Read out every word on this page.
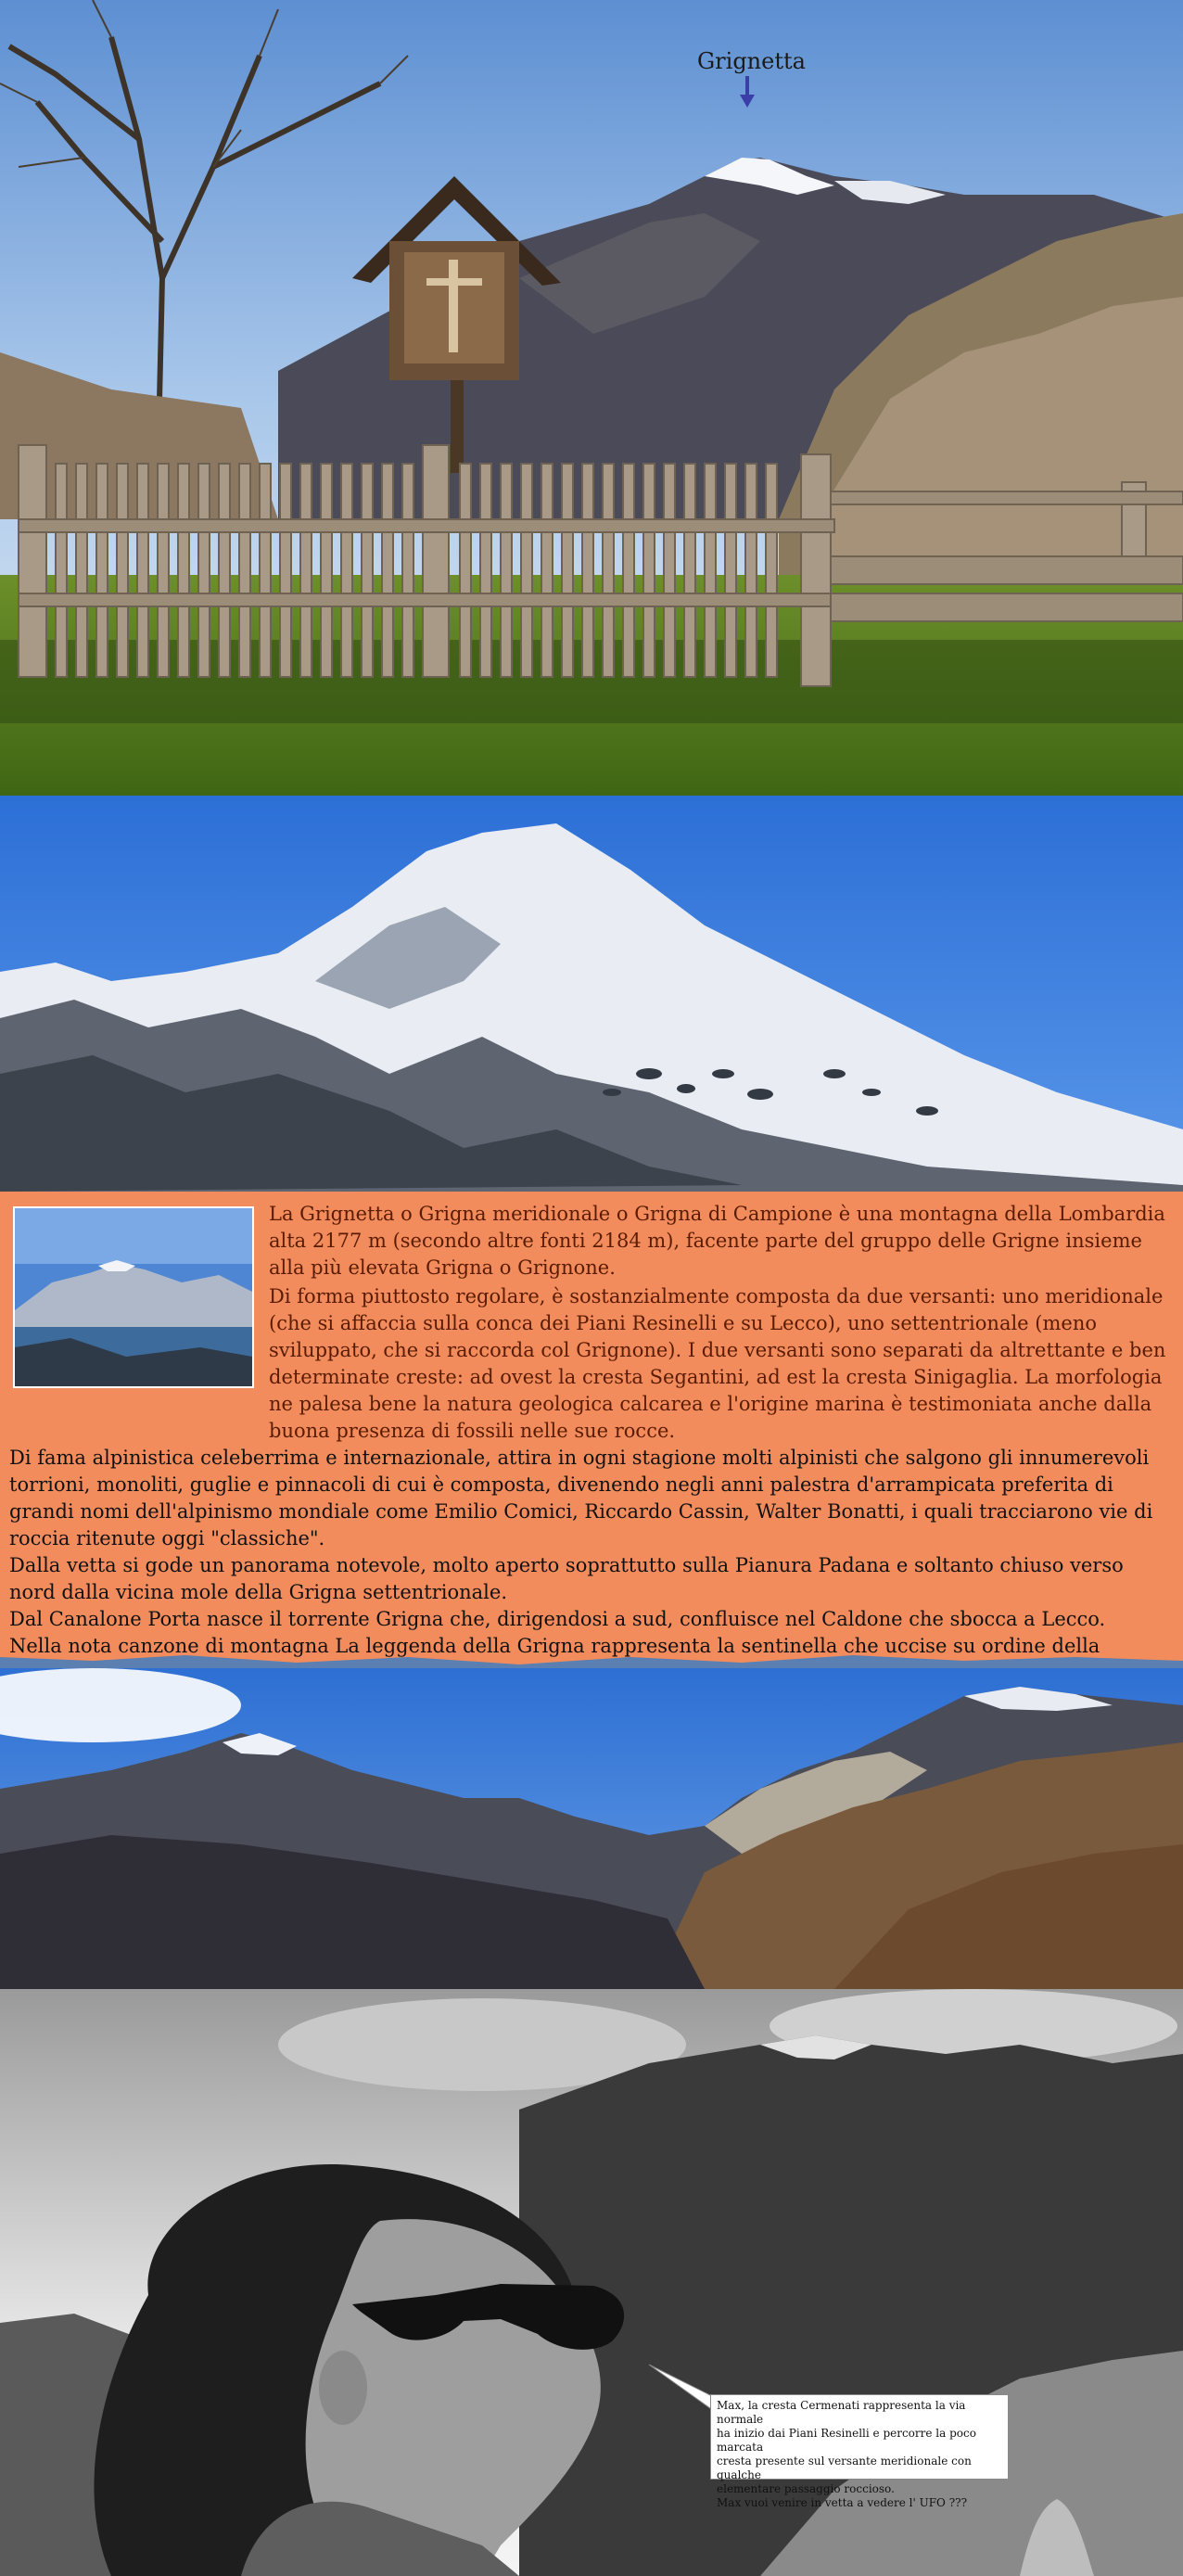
Grignetta

La Grignetta o Grigna meridionale o Grigna di Campione è una montagna della Lombardia alta 2177 m (secondo altre fonti 2184 m), facente parte del gruppo delle Grigne insieme alla più elevata Grigna o Grignone.

Di forma piuttosto regolare, è sostanzialmente composta da due versanti: uno meridionale (che si affaccia sulla conca dei Piani Resinelli e su Lecco), uno settentrionale (meno sviluppato, che si raccorda col Grignone). I due versanti sono separati da altrettante e ben determinate creste: ad ovest la cresta Segantini, ad est la cresta Sinigaglia. La morfologia ne palesa bene la natura geologica calcarea e l'origine marina è testimoniata anche dalla buona presenza di fossili nelle sue rocce.

Di fama alpinistica celeberrima e internazionale, attira in ogni stagione molti alpinisti che salgono gli innumerevoli torrioni, monoliti, guglie e pinnacoli di cui è composta, divenendo negli anni palestra d'arrampicata preferita di grandi nomi dell'alpinismo mondiale come Emilio Comici, Riccardo Cassin, Walter Bonatti, i quali tracciarono vie di roccia ritenute oggi "classiche".

Dalla vetta si gode un panorama notevole, molto aperto soprattutto sulla Pianura Padana e soltanto chiuso verso nord dalla vicina mole della Grigna settentrionale.

Dal Canalone Porta nasce il torrente Grigna che, dirigendosi a sud, confluisce nel Caldone che sbocca a Lecco.

Nella nota canzone di montagna La leggenda della Grigna rappresenta la sentinella che uccise su ordine della

Max, la cresta Cermenati rappresenta la via normale

ha inizio dai Piani Resinelli e percorre la poco marcata

cresta presente sul versante meridionale con qualche

elementare passaggio roccioso.

Max vuoi venire in vetta a vedere l' UFO ???
